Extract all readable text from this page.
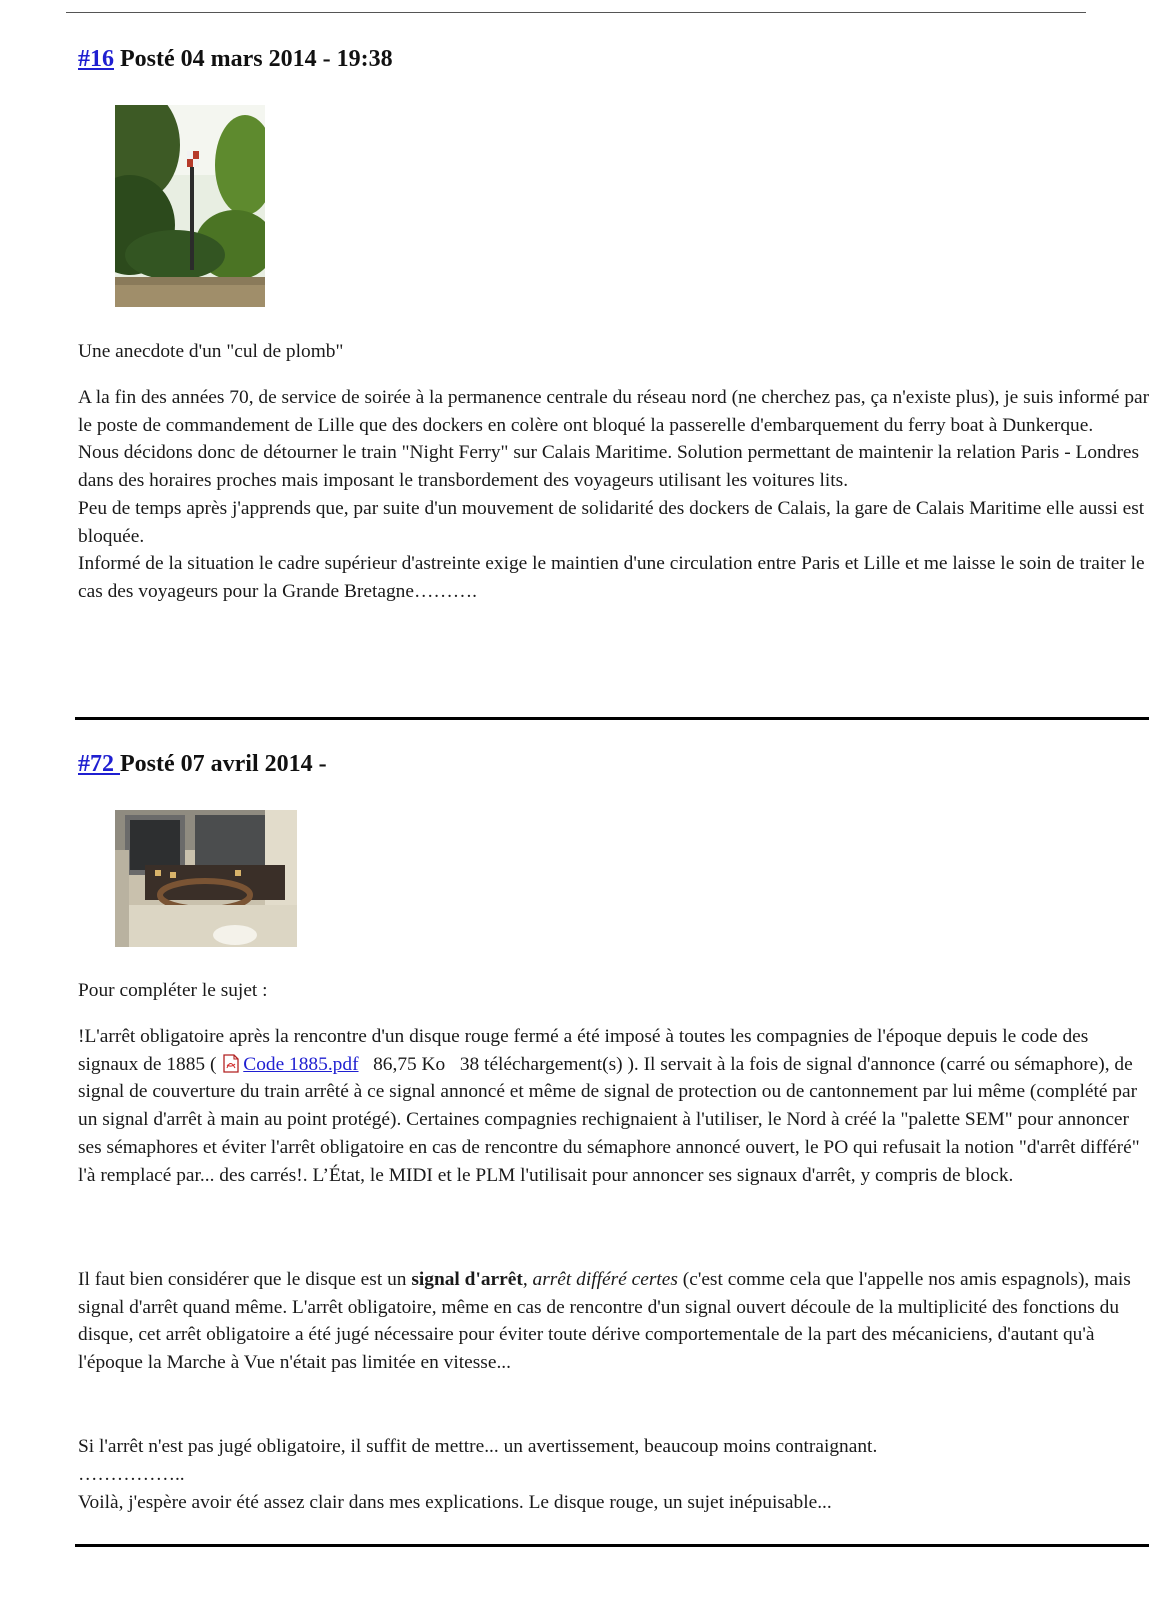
#16 Posté 04 mars 2014 - 19:38
Une anecdote d'un "cul de plomb"
A la fin des années 70, de service de soirée à la permanence centrale du réseau nord (ne cherchez pas, ça n'existe plus), je suis informé par le poste de commandement de Lille que des dockers en colère ont bloqué la passerelle d'embarquement du ferry boat à Dunkerque.
Nous décidons donc de détourner le train "Night Ferry" sur Calais Maritime. Solution permettant de maintenir la relation Paris - Londres dans des horaires proches mais imposant le transbordement des voyageurs utilisant les voitures lits.
Peu de temps après j'apprends que, par suite d'un mouvement de solidarité des dockers de Calais, la gare de Calais Maritime elle aussi est bloquée.
Informé de la situation le cadre supérieur d'astreinte exige le maintien d'une circulation entre Paris et Lille et me laisse le soin de traiter le cas des voyageurs pour la Grande Bretagne……….
#72 Posté 07 avril 2014 -
Pour compléter le sujet :
!L'arrêt obligatoire après la rencontre d'un disque rouge fermé a été imposé à toutes les compagnies de l'époque depuis le code des signaux de 1885 ( Code 1885.pdf 86,75 Ko 38 téléchargement(s) ). Il servait à la fois de signal d'annonce (carré ou sémaphore), de signal de couverture du train arrêté à ce signal annoncé et même de signal de protection ou de cantonnement par lui même (complété par un signal d'arrêt à main au point protégé). Certaines compagnies rechignaient à l'utiliser, le Nord à créé la "palette SEM" pour annoncer ses sémaphores et éviter l'arrêt obligatoire en cas de rencontre du sémaphore annoncé ouvert, le PO qui refusait la notion "d'arrêt différé" l'à remplacé par... des carrés!. L’État, le MIDI et le PLM l'utilisait pour annoncer ses signaux d'arrêt, y compris de block.
Il faut bien considérer que le disque est un signal d'arrêt, arrêt différé certes (c'est comme cela que l'appelle nos amis espagnols), mais signal d'arrêt quand même. L'arrêt obligatoire, même en cas de rencontre d'un signal ouvert découle de la multiplicité des fonctions du disque, cet arrêt obligatoire a été jugé nécessaire pour éviter toute dérive comportementale de la part des mécaniciens, d'autant qu'à l'époque la Marche à Vue n'était pas limitée en vitesse...
Si l'arrêt n'est pas jugé obligatoire, il suffit de mettre... un avertissement, beaucoup moins contraignant.
……………..
Voilà, j'espère avoir été assez clair dans mes explications. Le disque rouge, un sujet inépuisable...
